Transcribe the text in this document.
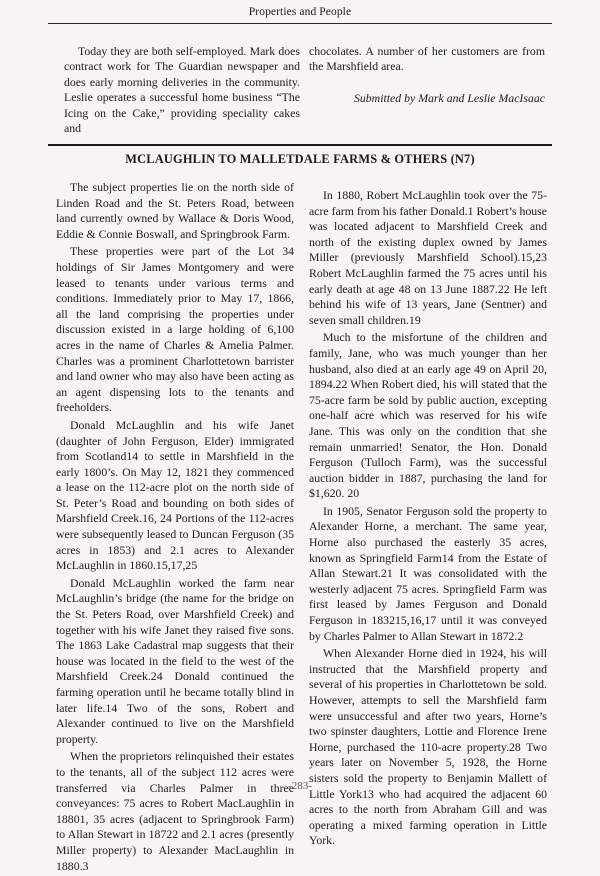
Properties and People
Today they are both self-employed. Mark does contract work for The Guardian newspaper and does early morning deliveries in the community. Leslie operates a successful home business “The Icing on the Cake,” providing speciality cakes and
chocolates. A number of her customers are from the Marshfield area.
Submitted by Mark and Leslie MacIsaac
MCLAUGHLIN TO MALLETDALE FARMS & OTHERS (N7)

The subject properties lie on the north side of Linden Road and the St. Peters Road, between land currently owned by Wallace & Doris Wood, Eddie & Connie Boswall, and Springbrook Farm.

These properties were part of the Lot 34 holdings of Sir James Montgomery and were leased to tenants under various terms and conditions. Immediately prior to May 17, 1866, all the land comprising the properties under discussion existed in a large holding of 6,100 acres in the name of Charles & Amelia Palmer. Charles was a prominent Charlottetown barrister and land owner who may also have been acting as an agent dispensing lots to the tenants and freeholders.

Donald McLaughlin and his wife Janet (daughter of John Ferguson, Elder) immigrated from Scotland14 to settle in Marshfield in the early 1800’s. On May 12, 1821 they commenced a lease on the 112-acre plot on the north side of St. Peter’s Road and bounding on both sides of Marshfield Creek.16, 24 Portions of the 112-acres were subsequently leased to Duncan Ferguson (35 acres in 1853) and 2.1 acres to Alexander McLaughlin in 1860.15,17,25

Donald McLaughlin worked the farm near McLaughlin’s bridge (the name for the bridge on the St. Peters Road, over Marshfield Creek) and together with his wife Janet they raised five sons. The 1863 Lake Cadastral map suggests that their house was located in the field to the west of the Marshfield Creek.24 Donald continued the farming operation until he became totally blind in later life.14 Two of the sons, Robert and Alexander continued to live on the Marshfield property.

When the proprietors relinquished their estates to the tenants, all of the subject 112 acres were transferred via Charles Palmer in three conveyances: 75 acres to Robert MacLaughlin in 18801, 35 acres (adjacent to Springbrook Farm) to Allan Stewart in 18722 and 2.1 acres (presently Miller property) to Alexander MacLaughlin in 1880.3

In 1880, Robert McLaughlin took over the 75-acre farm from his father Donald.1 Robert’s house was located adjacent to Marshfield Creek and north of the existing duplex owned by James Miller (previously Marshfield School).15,23 Robert McLaughlin farmed the 75 acres until his early death at age 48 on 13 June 1887.22 He left behind his wife of 13 years, Jane (Sentner) and seven small children.19

Much to the misfortune of the children and family, Jane, who was much younger than her husband, also died at an early age 49 on April 20, 1894.22 When Robert died, his will stated that the 75-acre farm be sold by public auction, excepting one-half acre which was reserved for his wife Jane. This was only on the condition that she remain unmarried! Senator, the Hon. Donald Ferguson (Tulloch Farm), was the successful auction bidder in 1887, purchasing the land for $1,620. 20

In 1905, Senator Ferguson sold the property to Alexander Horne, a merchant. The same year, Horne also purchased the easterly 35 acres, known as Springfield Farm14 from the Estate of Allan Stewart.21 It was consolidated with the westerly adjacent 75 acres. Springfield Farm was first leased by James Ferguson and Donald Ferguson in 183215,16,17 until it was conveyed by Charles Palmer to Allan Stewart in 1872.2

When Alexander Horne died in 1924, his will instructed that the Marshfield property and several of his properties in Charlottetown be sold. However, attempts to sell the Marshfield farm were unsuccessful and after two years, Horne’s two spinster daughters, Lottie and Florence Irene Horne, purchased the 110-acre property.28 Two years later on November 5, 1928, the Horne sisters sold the property to Benjamin Mallett of Little York13 who had acquired the adjacent 60 acres to the north from Abraham Gill and was operating a mixed farming operation in Little York.

-283-
